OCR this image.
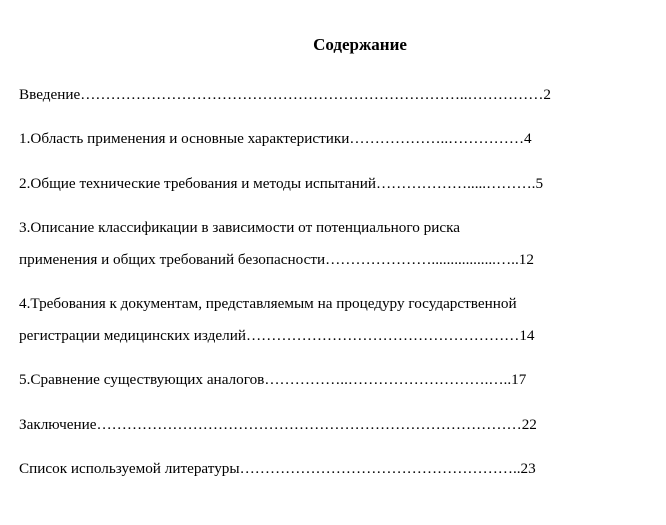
Содержание
Введение…………………………………………………………………..……………2
1.Область применения и основные характеристики………………..……………4
2.Общие технические требования и методы испытаний……………….....……….5
3.Описание классификации в зависимости от потенциального риска
применения и общих требований безопасности………………….................…..12
4.Требования к документам, представляемым на процедуру государственной
регистрации медицинских изделий………………………………………………14
5.Сравнение существующих аналогов……………..……………………….…..17
Заключение…………………………………………………………………………22
Список используемой литературы………………………………………………..23
